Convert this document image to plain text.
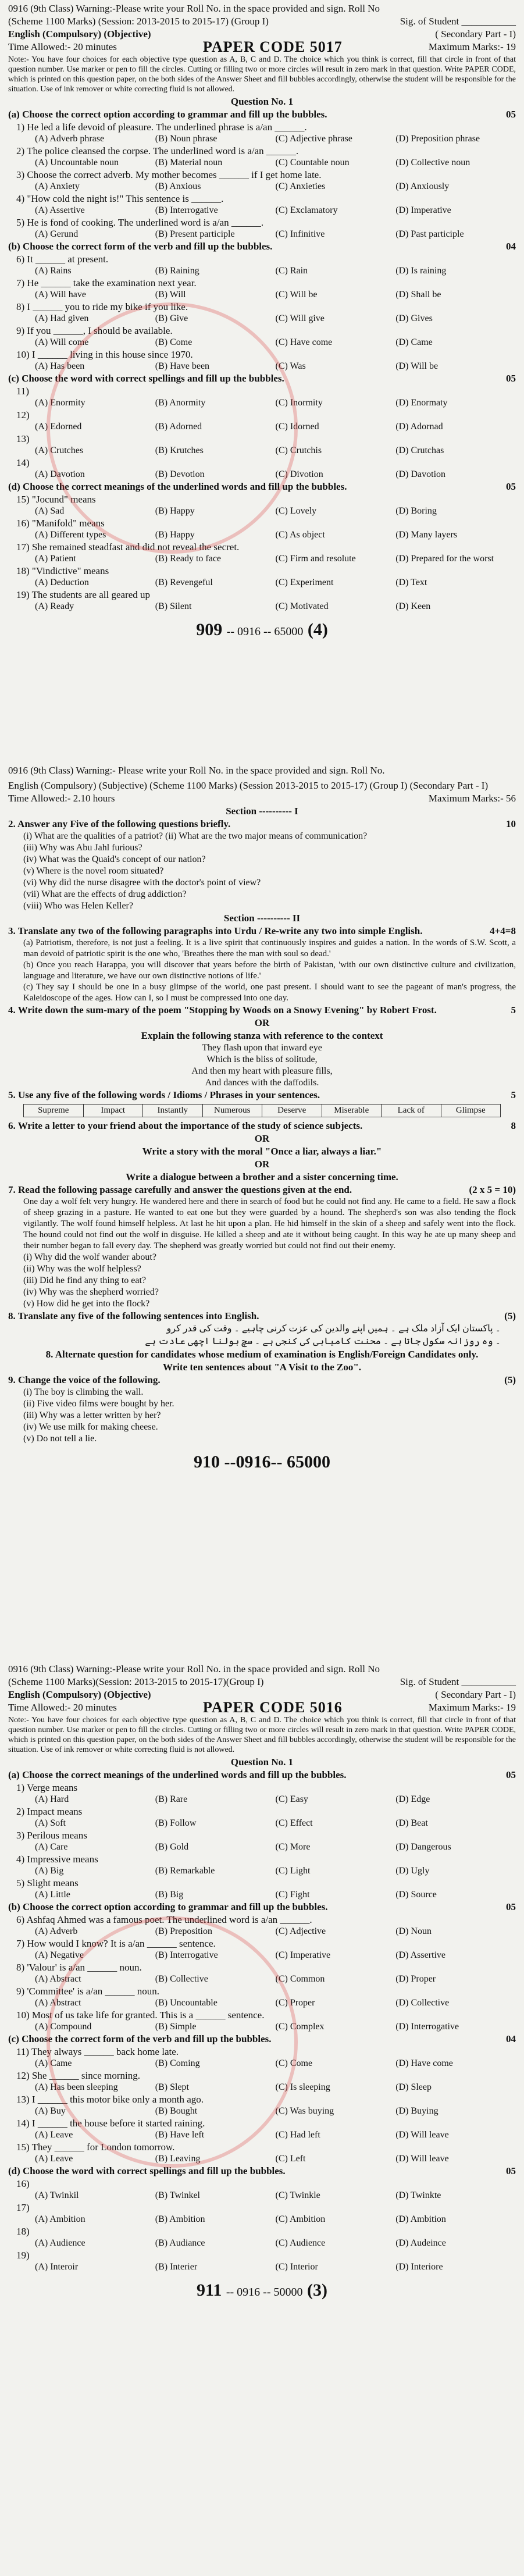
0916 (9th Class) Warning:-Please write your Roll No. in the space provided and sign. Roll No
(Scheme 1100 Marks) (Session: 2013-2015 to 2015-17) (Group I)	Sig. of Student ___________
English (Compulsory) (Objective)	( Secondary Part - I)
Time Allowed:- 20 minutes	PAPER CODE 5017	Maximum Marks:- 19
Note:- You have four choices for each objective type question as A, B, C and D. The choice which you think is correct, fill that circle in front of that question number. Use marker or pen to fill the circles. Cutting or filling two or more circles will result in zero mark in that question. Write PAPER CODE, which is printed on this question paper, on the both sides of the Answer Sheet and fill bubbles accordingly, otherwise the student will be responsible for the situation. Use of ink remover or white correcting fluid is not allowed.
Question No. 1
(a) Choose the correct option according to grammar and fill up the bubbles.	05
1) He led a life devoid of pleasure. The underlined phrase is a/an ______.
(A) Adverb phrase	(B) Noun phrase	(C) Adjective phrase	(D) Preposition phrase
2) The police cleansed the corpse. The underlined word is a/an ______.
(A) Uncountable noun	(B) Material noun	(C) Countable noun	(D) Collective noun
3) Choose the correct adverb. My mother becomes ______ if I get home late.
(A) Anxiety	(B) Anxious	(C) Anxieties	(D) Anxiously
4) "How cold the night is!" This sentence is ______.
(A) Assertive	(B) Interrogative	(C) Exclamatory	(D) Imperative
5) He is fond of cooking. The underlined word is a/an ______.
(A) Gerund	(B) Present participle	(C) Infinitive	(D) Past participle
(b) Choose the correct form of the verb and fill up the bubbles.	04
6) It ______ at present.
(A) Rains	(B) Raining	(C) Rain	(D) Is raining
7) He ______ take the examination next year.
(A) Will have	(B) Will	(C) Will be	(D) Shall be
8) I ______ you to ride my bike if you like.
(A) Had given	(B) Give	(C) Will give	(D) Gives
9) If you ______, I should be available.
(A) Will come	(B) Come	(C) Have come	(D) Came
10) I ______ living in this house since 1970.
(A) Has been	(B) Have been	(C) Was	(D) Will be
(c) Choose the word with correct spellings and fill up the bubbles.	05
11)
(A) Enormity	(B) Anormity	(C) Inormity	(D) Enormaty
12)
(A) Edorned	(B) Adorned	(C) Idorned	(D) Adornad
13)
(A) Crutches	(B) Krutches	(C) Crutchis	(D) Crutchas
14)
(A) Davotion	(B) Devotion	(C) Divotion	(D) Davotion
(d) Choose the correct meanings of the underlined words and fill up the bubbles.	05
15) "Jocund" means
(A) Sad	(B) Happy	(C) Lovely	(D) Boring
16) "Manifold" means
(A) Different types	(B) Happy	(C) As object	(D) Many layers
17) She remained steadfast and did not reveal the secret.
(A) Patient	(B) Ready to face	(C) Firm and resolute	(D) Prepared for the worst
18) "Vindictive" means
(A) Deduction	(B) Revengeful	(C) Experiment	(D) Text
19) The students are all geared up
(A) Ready	(B) Silent	(C) Motivated	(D) Keen
909 -- 0916 -- 65000 (4)
0916 (9th Class) Warning:- Please write your Roll No. in the space provided and sign. Roll No.
English (Compulsory) (Subjective) (Scheme 1100 Marks) (Session 2013-2015 to 2015-17) (Group I) (Secondary Part - I)
Time Allowed:- 2.10 hours	Maximum Marks:- 56
Section ---------- I
2. Answer any Five of the following questions briefly.	10
(i) What are the qualities of a patriot? (ii) What are the two major means of communication?
(iii) Why was Abu Jahl furious?
(iv) What was the Quaid's concept of our nation?
(v) Where is the novel room situated?
(vi) Why did the nurse disagree with the doctor's point of view?
(vii) What are the effects of drug addiction?
(viii) Who was Helen Keller?
Section ---------- II
3. Translate any two of the following paragraphs into Urdu / Re-write any two into simple English.	4+4=8
(a) Patriotism, therefore, is not just a feeling. It is a live spirit that continuously inspires and guides a nation. In the words of S.W. Scott, a man devoid of patriotic spirit is the one who, 'Breathes there the man with soul so dead.'
(b) Once you reach Harappa, you will discover that years before the birth of Pakistan, 'with our own distinctive culture and civilization, language and literature, we have our own distinctive notions of life.'
(c) They say I should be one in a busy glimpse of the world, one past present. I should want to see the pageant of man's progress, the Kaleidoscope of the ages. How can I, so I must be compressed into one day.
4. Write down the sum-mary of the poem "Stopping by Woods on a Snowy Evening" by Robert Frost.	5
OR
Explain the following stanza with reference to the context
They flash upon that inward eye
Which is the bliss of solitude,
And then my heart with pleasure fills,
And dances with the daffodils.
5. Use any five of the following words / Idioms / Phrases in your sentences.	5
Supreme	Impact	Instantly	Numerous	Deserve	Miserable	Lack of	Glimpse
6. Write a letter to your friend about the importance of the study of science subjects.	8
OR
Write a story with the moral "Once a liar, always a liar."
OR
Write a dialogue between a brother and a sister concerning time.
7. Read the following passage carefully and answer the questions given at the end.	(2 x 5 = 10)
One day a wolf felt very hungry. He wandered here and there in search of food but he could not find any. He came to a field. He saw a flock of sheep grazing in a pasture. He wanted to eat one but they were guarded by a hound. The shepherd's son was also tending the flock vigilantly. The wolf found himself helpless. At last he hit upon a plan. He hid himself in the skin of a sheep and safely went into the flock. The hound could not find out the wolf in disguise. He killed a sheep and ate it without being caught. In this way he ate up many sheep and their number began to fall every day. The shepherd was greatly worried but could not find out their enemy.
(i) Why did the wolf wander about?
(ii) Why was the wolf helpless?
(iii) Did he find any thing to eat?
(iv) Why was the shepherd worried?
(v) How did he get into the flock?
8. Translate any five of the following sentences into English.	(5)
۔ پاکستان ایک آزاد ملک ہے ۔ ہمیں اپنے والدین کی عزت کرنی چاہیے ۔ وقت کی قدر کرو
۔ وہ روزانہ سکول جاتا ہے ۔ محنت کامیابی کی کنجی ہے ۔ سچ بولنا اچھی عادت ہے
8. Alternate question for candidates whose medium of examination is English/Foreign Candidates only.
Write ten sentences about "A Visit to the Zoo".
9. Change the voice of the following.	(5)
(i) The boy is climbing the wall.
(ii) Five video films were bought by her.
(iii) Why was a letter written by her?
(iv) We use milk for making cheese.
(v) Do not tell a lie.
910 --0916-- 65000
0916 (9th Class) Warning:-Please write your Roll No. in the space provided and sign. Roll No
(Scheme 1100 Marks)(Session: 2013-2015 to 2015-17)(Group I)	Sig. of Student ___________
English (Compulsory) (Objective)	( Secondary Part - I)
Time Allowed:- 20 minutes	PAPER CODE 5016	Maximum Marks:- 19
Note:- You have four choices for each objective type question as A, B, C and D. The choice which you think is correct, fill that circle in front of that question number. Use marker or pen to fill the circles. Cutting or filling two or more circles will result in zero mark in that question. Write PAPER CODE, which is printed on this question paper, on the both sides of the Answer Sheet and fill bubbles accordingly, otherwise the student will be responsible for the situation. Use of ink remover or white correcting fluid is not allowed.
Question No. 1
(a) Choose the correct meanings of the underlined words and fill up the bubbles.	05
1) Verge means
(A) Hard	(B) Rare	(C) Easy	(D) Edge
2) Impact means
(A) Soft	(B) Follow	(C) Effect	(D) Beat
3) Perilous means
(A) Care	(B) Gold	(C) More	(D) Dangerous
4) Impressive means
(A) Big	(B) Remarkable	(C) Light	(D) Ugly
5) Slight means
(A) Little	(B) Big	(C) Fight	(D) Source
(b) Choose the correct option according to grammar and fill up the bubbles.	05
6) Ashfaq Ahmed was a famous poet. The underlined word is a/an ______.
(A) Adverb	(B) Preposition	(C) Adjective	(D) Noun
7) How would I know? It is a/an ______ sentence.
(A) Negative	(B) Interrogative	(C) Imperative	(D) Assertive
8) 'Valour' is a/an ______ noun.
(A) Abstract	(B) Collective	(C) Common	(D) Proper
9) 'Committee' is a/an ______ noun.
(A) Abstract	(B) Uncountable	(C) Proper	(D) Collective
10) Most of us take life for granted. This is a ______ sentence.
(A) Compound	(B) Simple	(C) Complex	(D) Interrogative
(c) Choose the correct form of the verb and fill up the bubbles.	04
11) They always ______ back home late.
(A) Came	(B) Coming	(C) Come	(D) Have come
12) She ______ since morning.
(A) Has been sleeping	(B) Slept	(C) Is sleeping	(D) Sleep
13) I ______ this motor bike only a month ago.
(A) Buy	(B) Bought	(C) Was buying	(D) Buying
14) I ______ the house before it started raining.
(A) Leave	(B) Have left	(C) Had left	(D) Will leave
15) They ______ for London tomorrow.
(A) Leave	(B) Leaving	(C) Left	(D) Will leave
(d) Choose the word with correct spellings and fill up the bubbles.	05
16)
(A) Twinkil	(B) Twinkel	(C) Twinkle	(D) Twinkte
17)
(A) Ambition	(B) Ambition	(C) Ambition	(D) Ambition
18)
(A) Audience	(B) Audiance	(C) Audience	(D) Audeince
19)
(A) Interoir	(B) Interier	(C) Interior	(D) Interiore
911 -- 0916 -- 50000 (3)
